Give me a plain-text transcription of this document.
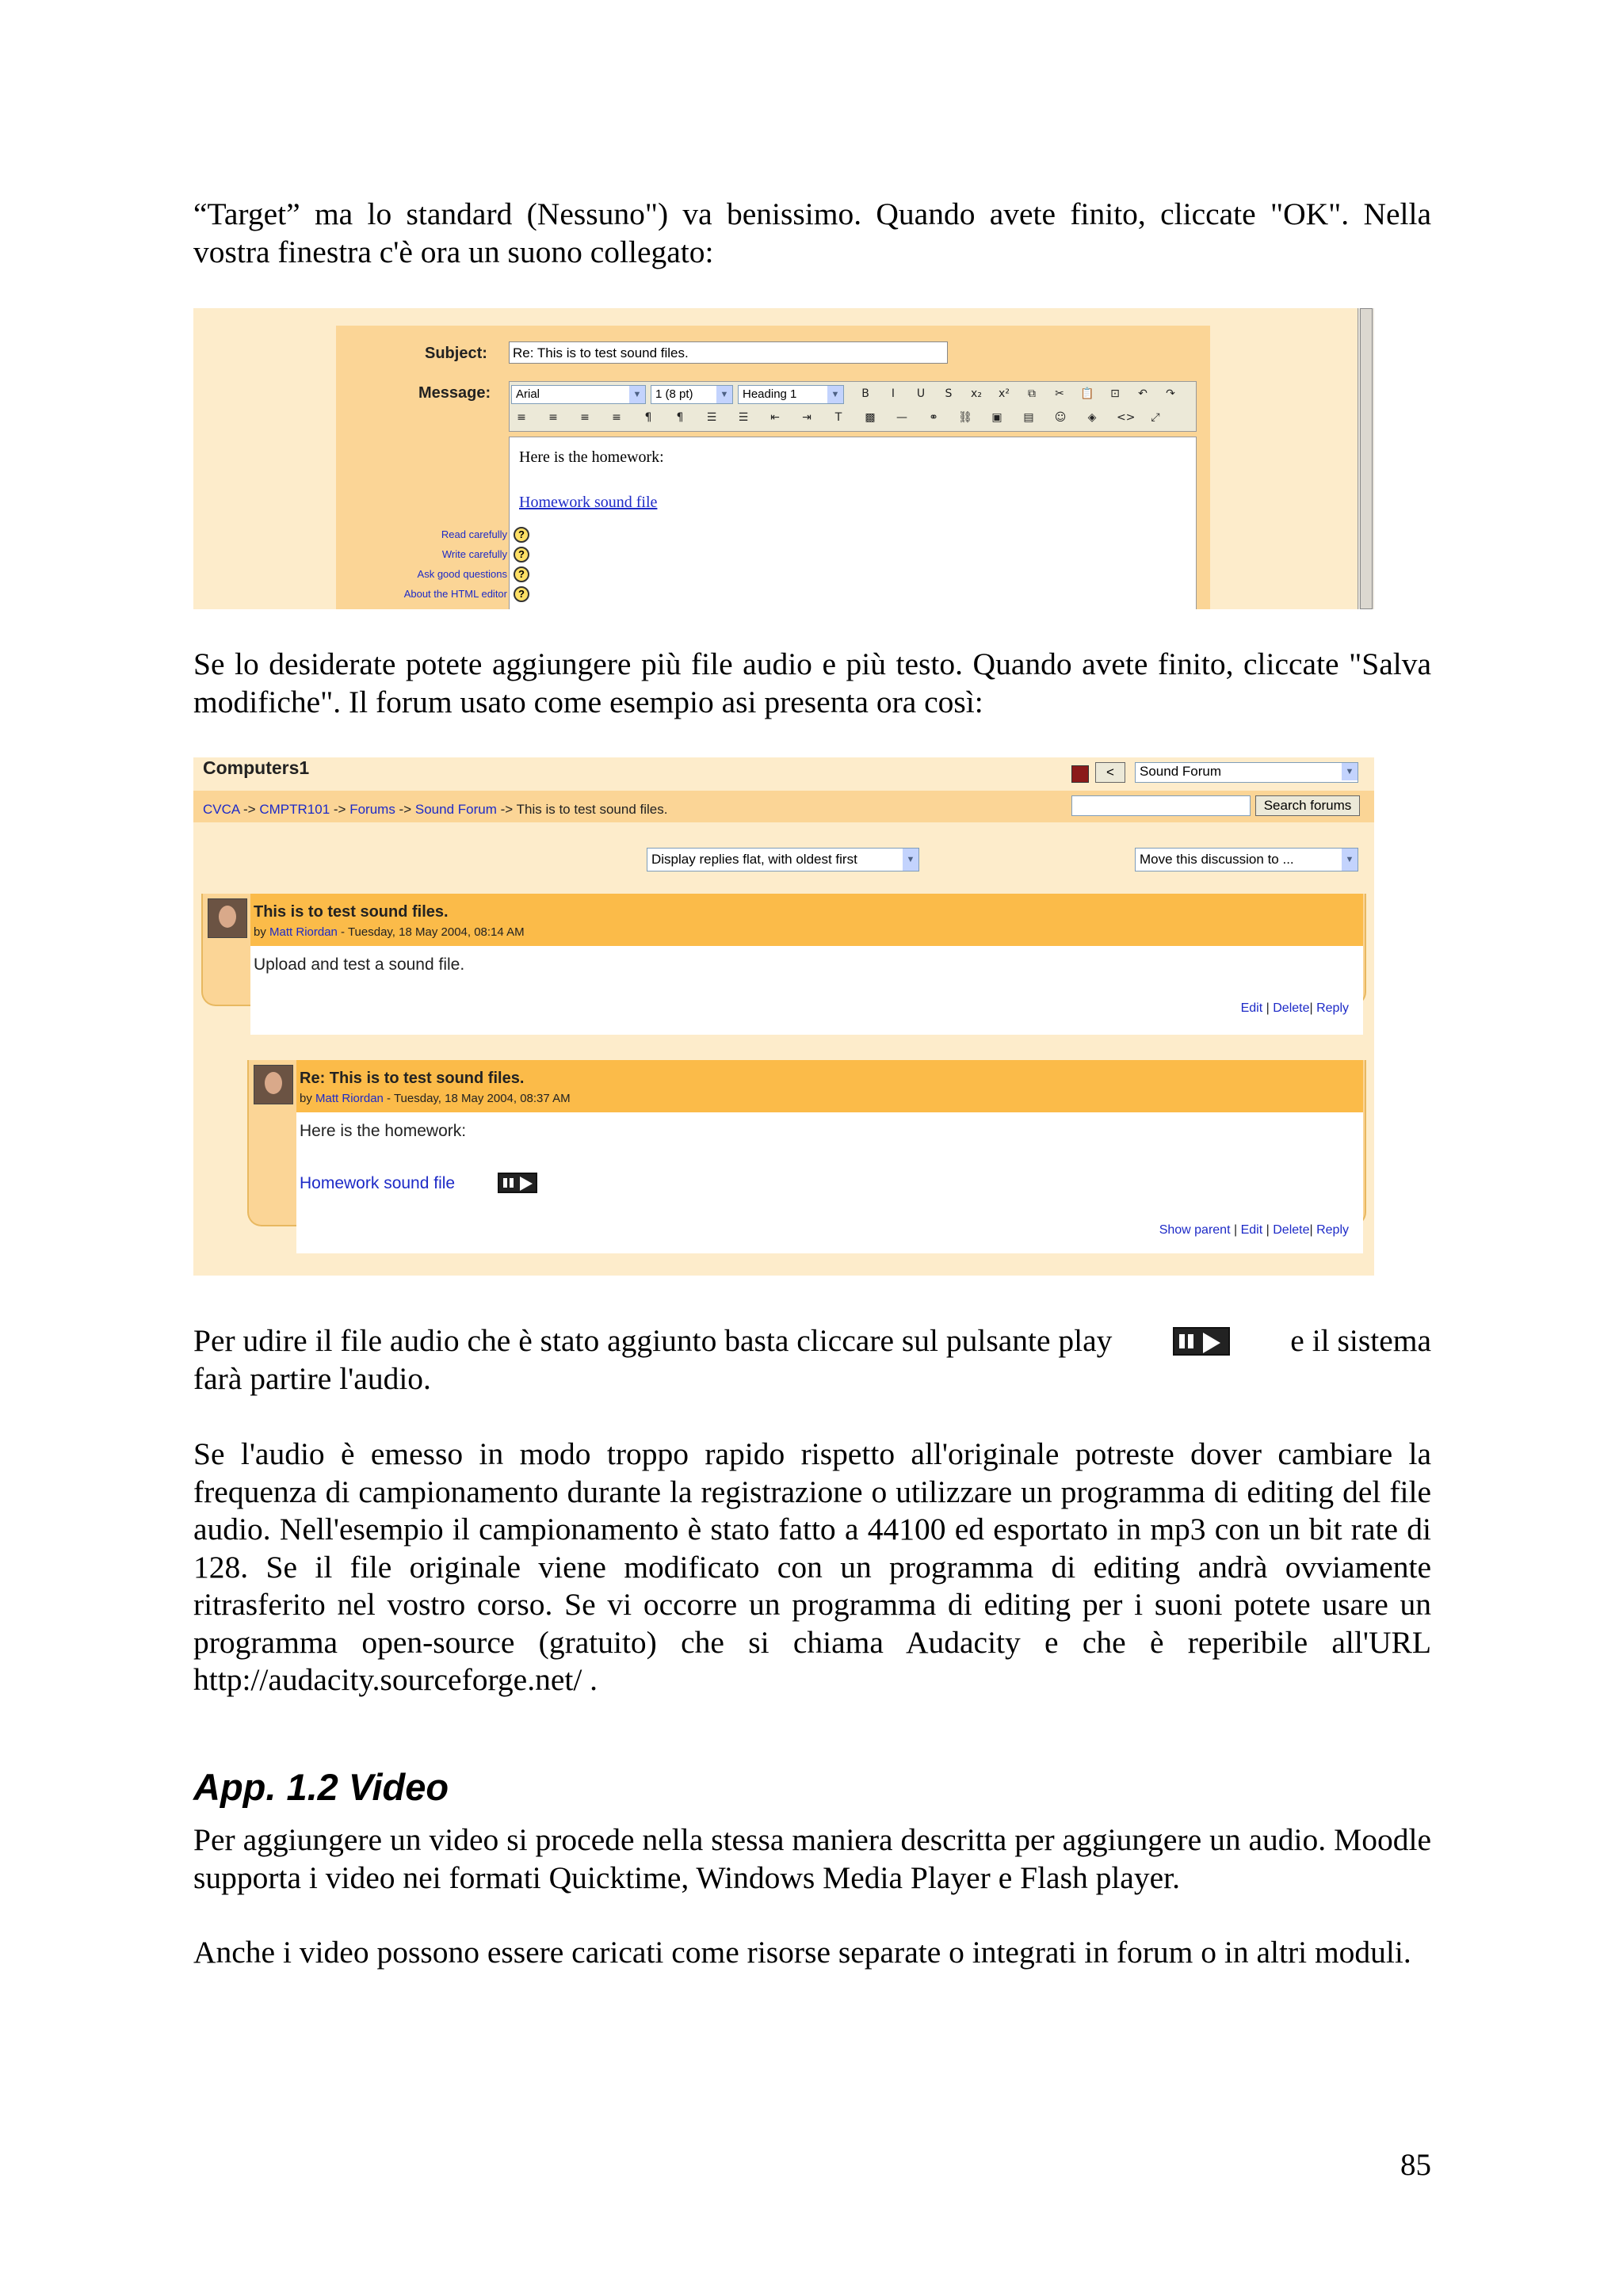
“Target” ma lo standard (Nessuno") va benissimo. Quando avete finito, cliccate "OK". Nella vostra finestra c'è ora un suono collegato:

Subject: Re: This is to test sound files.
Message:	Arial	▼	1 (8 pt)	▼	Heading 1	▼	B	I	U	S	x₂ x² ⧉ ✂ 📋 ⊡ ↶ ↷
≡ ≡ ≡ ≡	¶	¶	☰ ☰ ⇤ ⇥	T	▩ — ⚭ ⛓ ▣ ▤ ☺ ◈ <> ⤢
Here is the homework:
Homework sound file
Read carefully	?
Write carefully	?
Ask good questions	?
About the HTML editor	?

Se lo desiderate potete aggiungere più file audio e più testo. Quando avete finito, cliccate "Salva modifiche". Il forum usato come esempio asi presenta ora così:

Computers1	<	Sound Forum	▼
CVCA -> CMPTR101 -> Forums -> Sound Forum -> This is to test sound files.	Search forums
Display replies flat, with oldest first	▼	Move this discussion to ...	▼
This is to test sound files.
by Matt Riordan - Tuesday, 18 May 2004, 08:14 AM
Upload and test a sound file.
Edit | Delete| Reply
Re: This is to test sound files.
by Matt Riordan - Tuesday, 18 May 2004, 08:37 AM
Here is the homework:
Homework sound file
Show parent | Edit | Delete| Reply
Per udire il file audio che è stato aggiunto basta cliccare sul pulsante play	e il sistema
farà partire l'audio.

Se l'audio è emesso in modo troppo rapido rispetto all'originale potreste dover cambiare la frequenza di campionamento durante la registrazione o utilizzare un programma di editing del file audio. Nell'esempio il campionamento è stato fatto a 44100 ed esportato in mp3 con un bit rate di 128. Se il file originale viene modificato con un programma di editing andrà ovviamente ritrasferito nel vostro corso. Se vi occorre un programma di editing per i suoni potete usare un programma open-source (gratuito) che si chiama Audacity e che è reperibile all'URL http://audacity.sourceforge.net/ .

App. 1.2 Video

Per aggiungere un video si procede nella stessa maniera descritta per aggiungere un audio. Moodle supporta i video nei formati Quicktime, Windows Media Player e Flash player.

Anche i video possono essere caricati come risorse separate o integrati in forum o in altri moduli.

85
